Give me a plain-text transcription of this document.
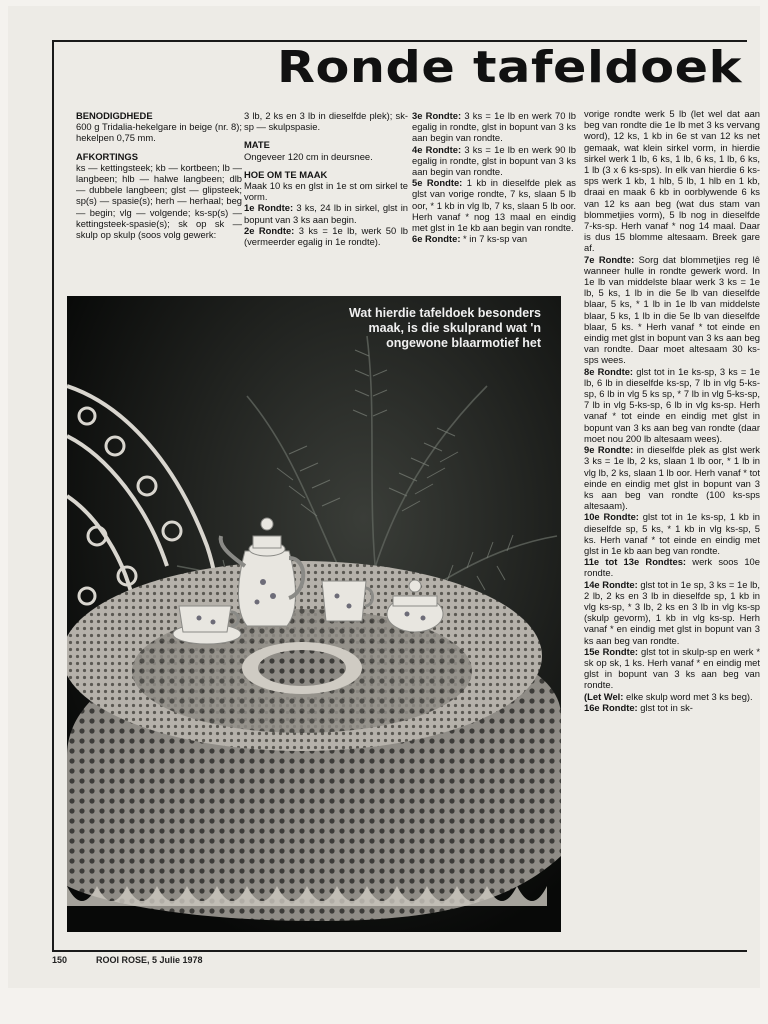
Ronde tafeldoek

BENODIGDHEDE

600 g Tridalia-hekelgare in beige (nr. 8); hekelpen 0,75 mm.

AFKORTINGS

ks — kettingsteek; kb — kortbeen; lb — langbeen; hlb — halwe langbeen; dlb — dubbele langbeen; glst — glipsteek; sp(s) — spasie(s); herh — herhaal; beg — begin; vlg — volgende; ks-sp(s) — kettingsteek-spasie(s); sk op sk — skulp op skulp (soos volg gewerk:

3 lb, 2 ks en 3 lb in dieselfde plek); sk-sp — skulpspasie.

MATE

Ongeveer 120 cm in deursnee.

HOE OM TE MAAK

Maak 10 ks en glst in 1e st om sirkel te vorm.

1e Rondte: 3 ks, 24 lb in sirkel, glst in bopunt van 3 ks aan begin.

2e Rondte: 3 ks = 1e lb, werk 50 lb (vermeerder egalig in 1e rondte).

3e Rondte: 3 ks = 1e lb en werk 70 lb egalig in rondte, glst in bopunt van 3 ks aan begin van rondte.

4e Rondte: 3 ks = 1e lb en werk 90 lb egalig in rondte, glst in bopunt van 3 ks aan begin van rondte.

5e Rondte: 1 kb in dieselfde plek as glst van vorige rondte, 7 ks, slaan 5 lb oor, * 1 kb in vlg lb, 7 ks, slaan 5 lb oor. Herh vanaf * nog 13 maal en eindig met glst in 1e kb aan begin van rondte.

6e Rondte: * in 7 ks-sp van

vorige rondte werk 5 lb (let wel dat aan beg van rondte die 1e lb met 3 ks vervang word), 12 ks, 1 kb in 6e st van 12 ks net gemaak, wat klein sirkel vorm, in hierdie sirkel werk 1 lb, 6 ks, 1 lb, 6 ks, 1 lb, 6 ks, 1 lb (3 x 6 ks-sps). In elk van hierdie 6 ks-sps werk 1 kb, 1 hlb, 5 lb, 1 hlb en 1 kb, draai en maak 6 kb in oorblywende 6 ks van 12 ks aan beg (wat dus stam van blommetjies vorm), 5 lb nog in dieselfde 7-ks-sp. Herh vanaf * nog 14 maal. Daar is dus 15 blomme altesaam. Breek gare af.

7e Rondte: Sorg dat blommetjies reg lê wanneer hulle in rondte gewerk word. In 1e lb van middelste blaar werk 3 ks = 1e lb, 5 ks, 1 lb in die 5e lb van dieselfde blaar, 5 ks, * 1 lb in 1e lb van middelste blaar, 5 ks, 1 lb in die 5e lb van dieselfde blaar, 5 ks. * Herh vanaf * tot einde en eindig met glst in bopunt van 3 ks aan beg van rondte. Daar moet altesaam 30 ks-sps wees.

8e Rondte: glst tot in 1e ks-sp, 3 ks = 1e lb, 6 lb in dieselfde ks-sp, 7 lb in vlg 5-ks-sp, 6 lb in vlg 5 ks sp, * 7 lb in vlg 5-ks-sp, 7 lb in vlg 5-ks-sp, 6 lb in vlg ks-sp. Herh vanaf * tot einde en eindig met glst in bopunt van 3 ks aan beg van rondte (daar moet nou 200 lb altesaam wees).

9e Rondte: in dieselfde plek as glst werk 3 ks = 1e lb, 2 ks, slaan 1 lb oor, * 1 lb in vlg lb, 2 ks, slaan 1 lb oor. Herh vanaf * tot einde en eindig met glst in bopunt van 3 ks aan beg van rondte (100 ks-sps altesaam).

10e Rondte: glst tot in 1e ks-sp, 1 kb in dieselfde sp, 5 ks, * 1 kb in vlg ks-sp, 5 ks. Herh vanaf * tot einde en eindig met glst in 1e kb aan beg van rondte.

11e tot 13e Rondtes: werk soos 10e rondte.

14e Rondte: glst tot in 1e sp, 3 ks = 1e lb, 2 lb, 2 ks en 3 lb in dieselfde sp, 1 kb in vlg ks-sp, * 3 lb, 2 ks en 3 lb in vlg ks-sp (skulp gevorm), 1 kb in vlg ks-sp. Herh vanaf * en eindig met glst in bopunt van 3 ks aan beg van rondte.

15e Rondte: glst tot in skulp-sp en werk * sk op sk, 1 ks. Herh vanaf * en eindig met glst in bopunt van 3 ks aan beg van rondte.

(Let Wel: elke skulp word met 3 ks beg).

16e Rondte: glst tot in sk-

Wat hierdie tafeldoek besonders maak, is die skulprand wat 'n ongewone blaarmotief het
150	ROOI ROSE, 5 Julie 1978
